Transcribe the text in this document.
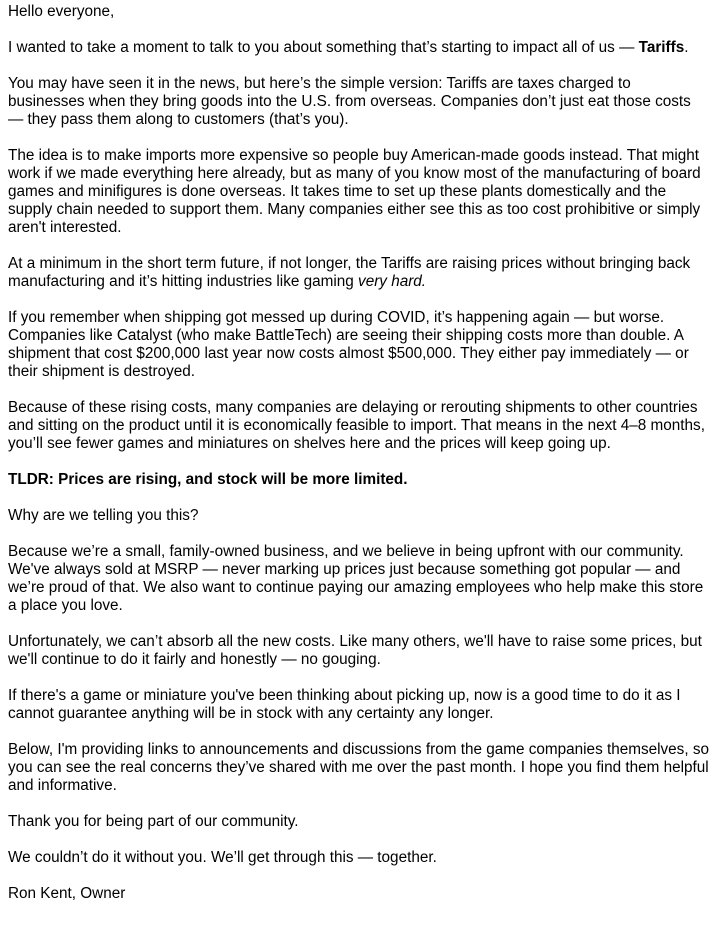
Hello everyone,

I wanted to take a moment to talk to you about something that’s starting to impact all of us — Tariffs.

You may have seen it in the news, but here’s the simple version: Tariffs are taxes charged to businesses when they bring goods into the U.S. from overseas. Companies don’t just eat those costs — they pass them along to customers (that’s you).

The idea is to make imports more expensive so people buy American-made goods instead. That might work if we made everything here already, but as many of you know most of the manufacturing of board games and minifigures is done overseas. It takes time to set up these plants domestically and the supply chain needed to support them. Many companies either see this as too cost prohibitive or simply aren't interested.

At a minimum in the short term future, if not longer, the Tariffs are raising prices without bringing back manufacturing and it’s hitting industries like gaming very hard.

If you remember when shipping got messed up during COVID, it’s happening again — but worse. Companies like Catalyst (who make BattleTech) are seeing their shipping costs more than double. A shipment that cost $200,000 last year now costs almost $500,000. They either pay immediately — or their shipment is destroyed.

Because of these rising costs, many companies are delaying or rerouting shipments to other countries and sitting on the product until it is economically feasible to import. That means in the next 4–8 months, you’ll see fewer games and miniatures on shelves here and the prices will keep going up.

TLDR: Prices are rising, and stock will be more limited.

Why are we telling you this?

Because we’re a small, family-owned business, and we believe in being upfront with our community. We've always sold at MSRP — never marking up prices just because something got popular — and we’re proud of that. We also want to continue paying our amazing employees who help make this store a place you love.

Unfortunately, we can’t absorb all the new costs. Like many others, we'll have to raise some prices, but we'll continue to do it fairly and honestly — no gouging.

If there's a game or miniature you've been thinking about picking up, now is a good time to do it as I cannot guarantee anything will be in stock with any certainty any longer.

Below, I'm providing links to announcements and discussions from the game companies themselves, so you can see the real concerns they’ve shared with me over the past month. I hope you find them helpful and informative.

Thank you for being part of our community.

We couldn’t do it without you. We’ll get through this — together.

Ron Kent, Owner
